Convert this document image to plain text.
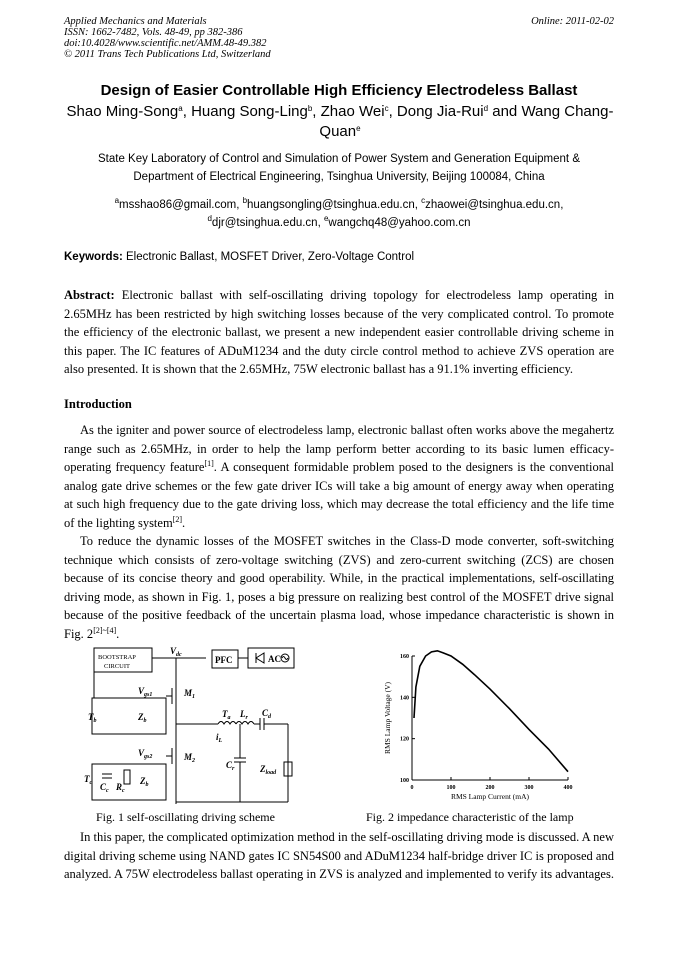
Applied Mechanics and Materials
ISSN: 1662-7482, Vols. 48-49, pp 382-386
doi:10.4028/www.scientific.net/AMM.48-49.382
© 2011 Trans Tech Publications Ltd, Switzerland
Online: 2011-02-02
Design of Easier Controllable High Efficiency Electrodeless Ballast
Shao Ming-Song$^a$, Huang Song-Ling$^b$, Zhao Wei$^c$, Dong Jia-Rui$^d$ and Wang Chang-Quan$^e$
State Key Laboratory of Control and Simulation of Power System and Generation Equipment &
Department of Electrical Engineering, Tsinghua University, Beijing 100084, China
$^a$msshao86@gmail.com, $^b$huangsongling@tsinghua.edu.cn, $^c$zhaowei@tsinghua.edu.cn,
$^d$djr@tsinghua.edu.cn, $^e$wangchq48@yahoo.com.cn
Keywords: Electronic Ballast, MOSFET Driver, Zero-Voltage Control
Abstract: Electronic ballast with self-oscillating driving topology for electrodeless lamp operating in 2.65MHz has been restricted by high switching losses because of the very complicated control. To promote the efficiency of the electronic ballast, we present a new independent easier controllable driving scheme in this paper. The IC features of ADuM1234 and the duty circle control method to achieve ZVS operation are also presented. It is shown that the 2.65MHz, 75W electronic ballast has a 91.1% inverting efficiency.
Introduction
As the igniter and power source of electrodeless lamp, electronic ballast often works above the megahertz range such as 2.65MHz, in order to help the lamp perform better according to its basic lumen efficacy-operating frequency feature[1]. A consequent formidable problem posed to the designers is the conventional analog gate drive schemes or the few gate driver ICs will take a big amount of energy away when operating at such high frequency due to the gate driving loss, which may decrease the total efficiency and the life time of the lighting system[2].
To reduce the dynamic losses of the MOSFET switches in the Class-D mode converter, soft-switching technique which consists of zero-voltage switching (ZVS) and zero-current switching (ZCS) are chosen because of its concise theory and good operability. While, in the practical implementations, self-oscillating driving mode, as shown in Fig. 1, poses a big pressure on realizing best control of the MOSFET drive signal because of the positive feedback of the uncertain plasma load, whose impedance characteristic is shown in Fig. 2[2]~[4].
BOOTSTRAP
CIRCUIT
$V_{dc}$	PFC	AC
$V_{gs1}$	$M_1$
$T_b$	$Z_b$
$T_a$ $L_r$
$i_L$
$C_d$
$V_{gs2}$	$M_2$	$C_r$	$Z_{load}$
$T_c$ $C_c$ $R_c$
$Z_b$	0	100	200	300	400
100
120
140
160
RMS Lamp Current (mA)
RMS Lamp Voltage (V)
Fig. 1 self-oscillating driving scheme	Fig. 2 impedance characteristic of the lamp
In this paper, the complicated optimization method in the self-oscillating driving mode is discussed. A new digital driving scheme using NAND gates IC SN54S00 and ADuM1234 half-bridge driver IC is proposed and analyzed. A 75W electrodeless ballast operating in ZVS is analyzed and implemented to verify its advantages.
